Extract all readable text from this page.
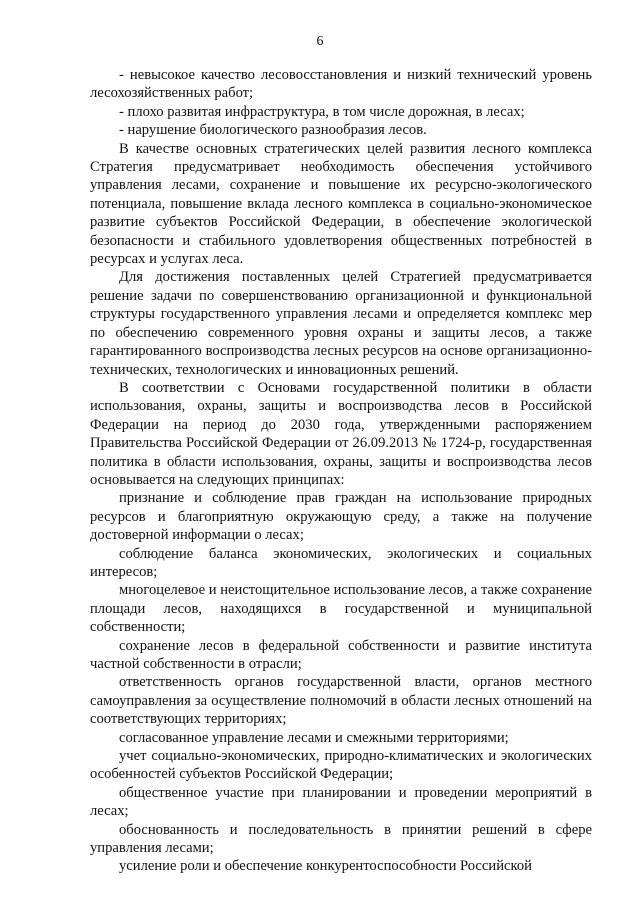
6

- невысокое качество лесовосстановления и низкий технический уровень лесохозяйственных работ;

- плохо развитая инфраструктура, в том числе дорожная, в лесах;

- нарушение биологического разнообразия лесов.

В качестве основных стратегических целей развития лесного комплекса Стратегия предусматривает необходимость обеспечения устойчивого управления лесами, сохранение и повышение их ресурсно-экологического потенциала, повышение вклада лесного комплекса в социально-экономическое развитие субъектов Российской Федерации, в обеспечение экологической безопасности и стабильного удовлетворения общественных потребностей в ресурсах и услугах леса.

Для достижения поставленных целей Стратегией предусматривается решение задачи по совершенствованию организационной и функциональной структуры государственного управления лесами и определяется комплекс мер по обеспечению современного уровня охраны и защиты лесов, а также гарантированного воспроизводства лесных ресурсов на основе организационно-технических, технологических и инновационных решений.

В соответствии с Основами государственной политики в области использования, охраны, защиты и воспроизводства лесов в Российской Федерации на период до 2030 года, утвержденными распоряжением Правительства Российской Федерации от 26.09.2013 № 1724-р, государственная политика в области использования, охраны, защиты и воспроизводства лесов основывается на следующих принципах:

признание и соблюдение прав граждан на использование природных ресурсов и благоприятную окружающую среду, а также на получение достоверной информации о лесах;

соблюдение баланса экономических, экологических и социальных интересов;

многоцелевое и неистощительное использование лесов, а также сохранение площади лесов, находящихся в государственной и муниципальной собственности;

сохранение лесов в федеральной собственности и развитие института частной собственности в отрасли;

ответственность органов государственной власти, органов местного самоуправления за осуществление полномочий в области лесных отношений на соответствующих территориях;

согласованное управление лесами и смежными территориями;

учет социально-экономических, природно-климатических и экологических особенностей субъектов Российской Федерации;

общественное участие при планировании и проведении мероприятий в лесах;

обоснованность и последовательность в принятии решений в сфере управления лесами;

усиление роли и обеспечение конкурентоспособности Российской
